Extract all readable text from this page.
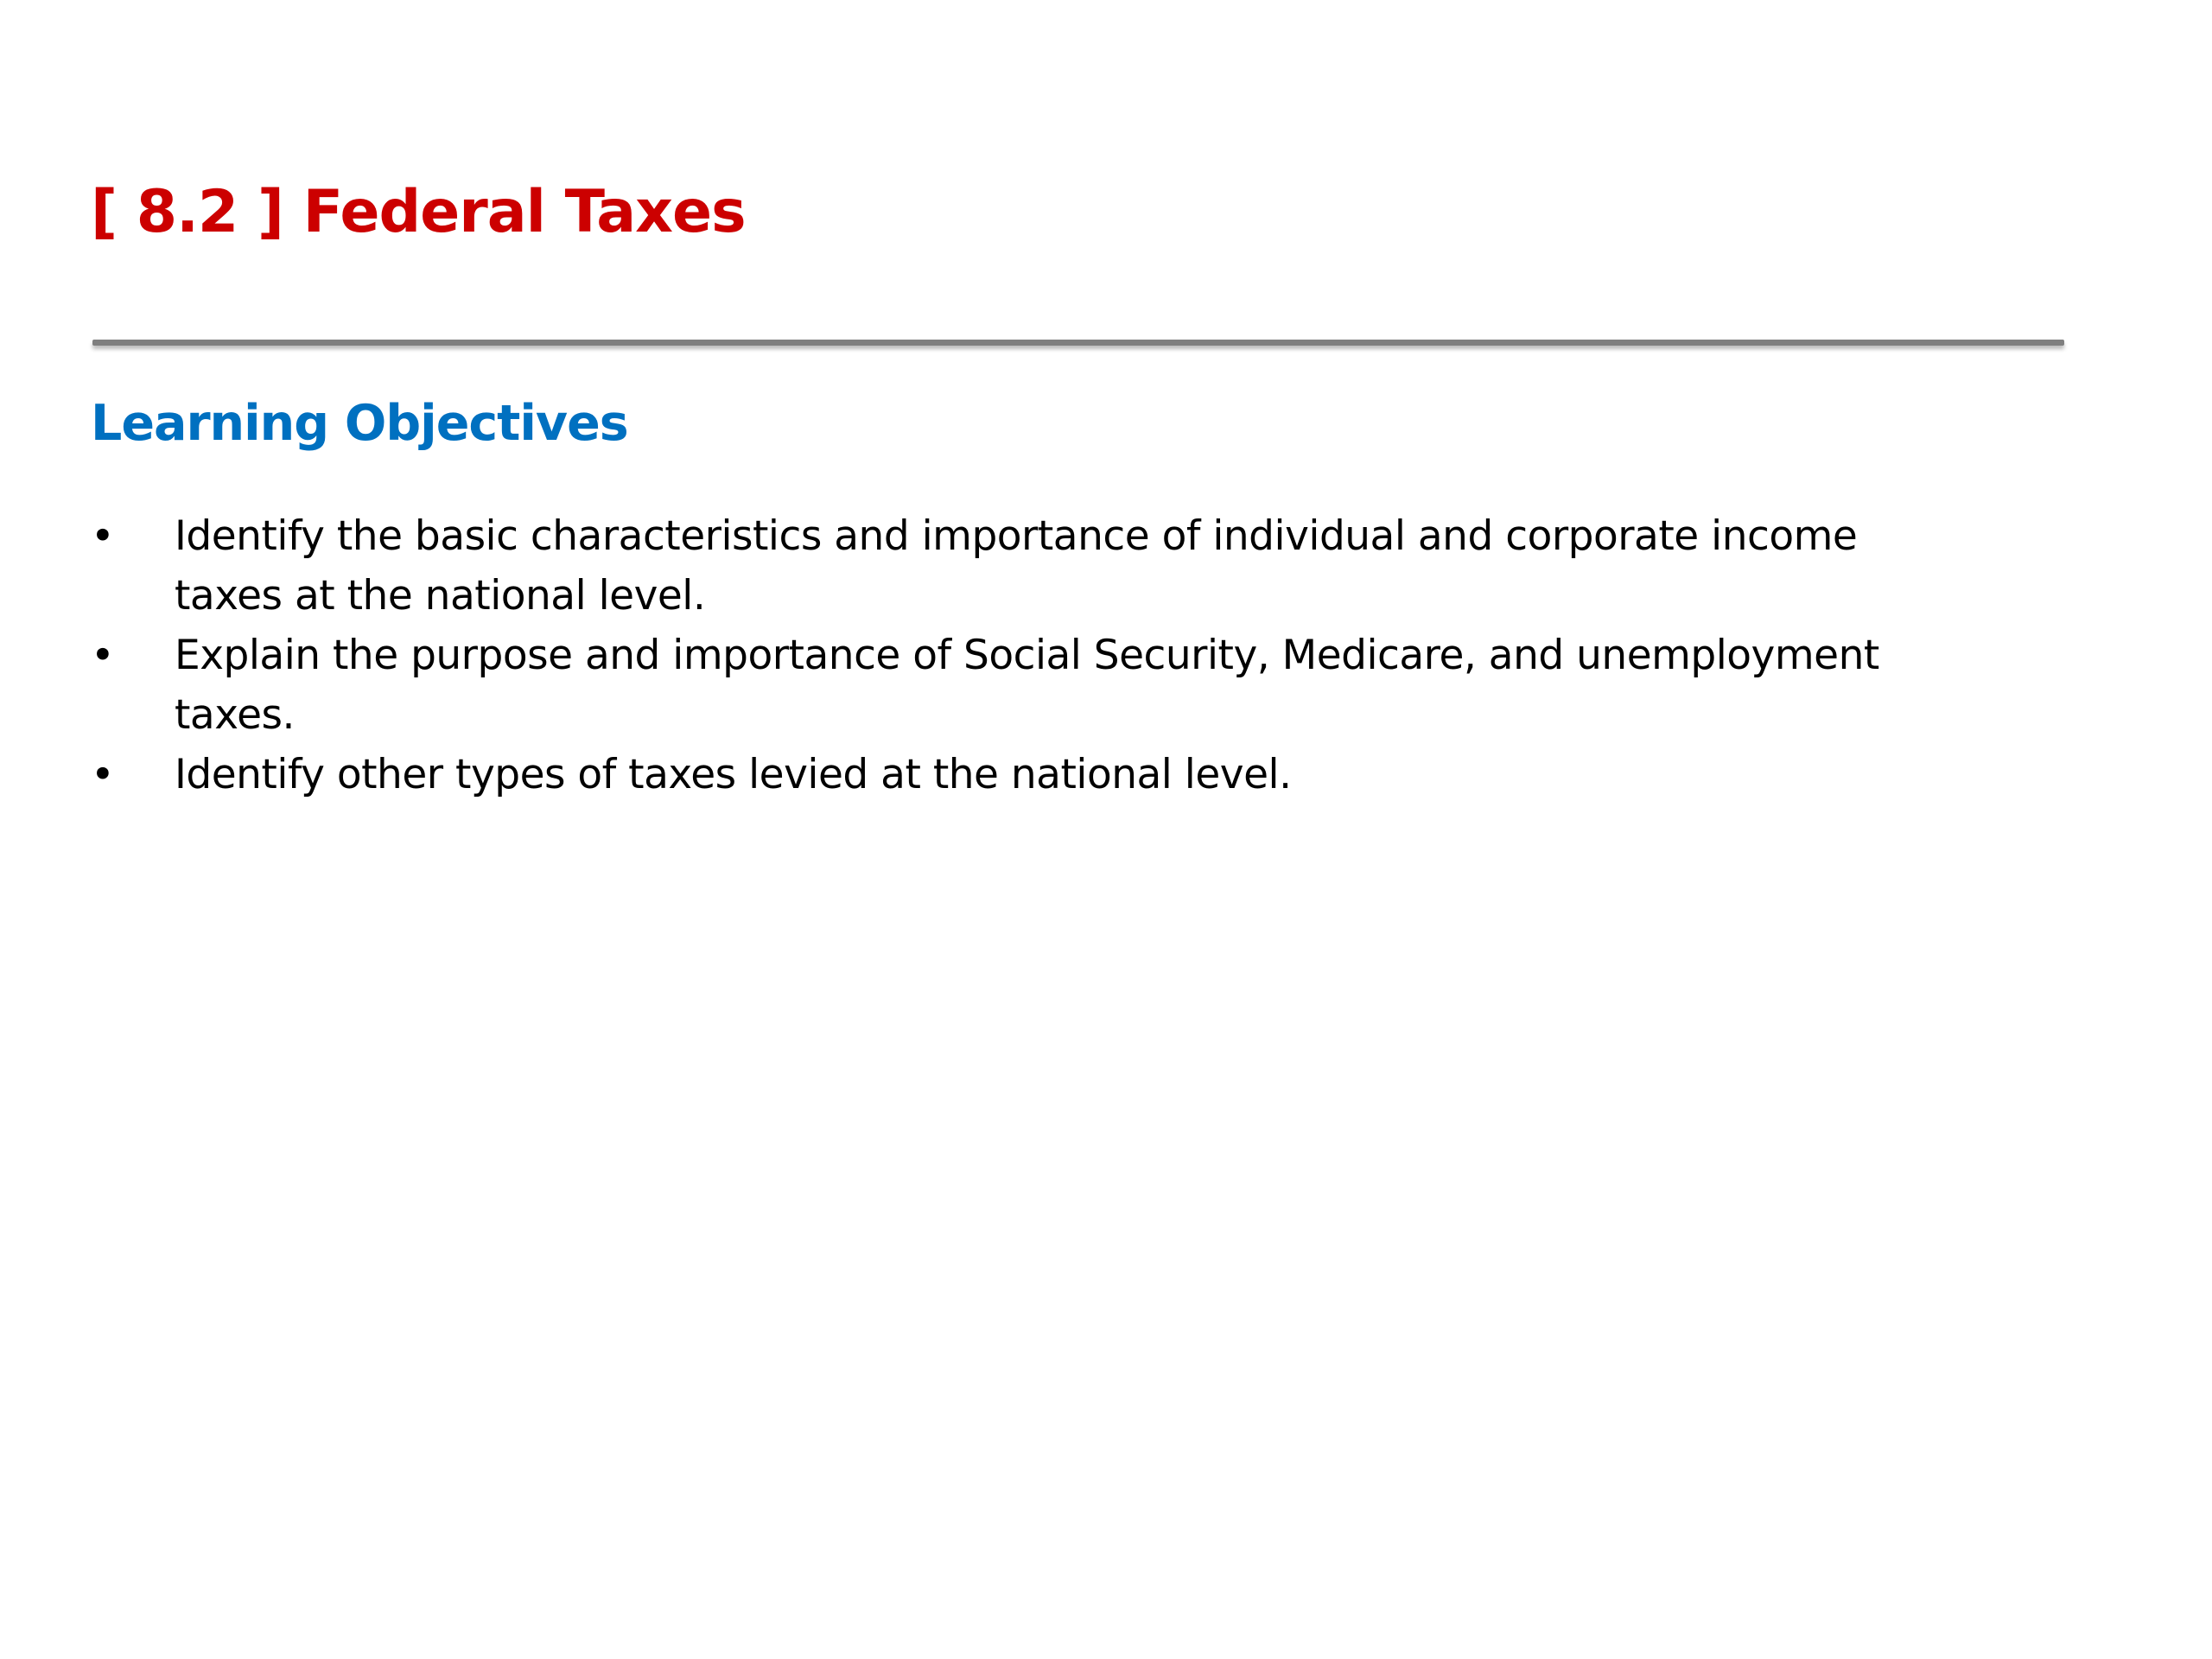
[ 8.2 ] Federal Taxes
Learning Objectives
•	Identify the basic characteristics and importance of individual and corporate income
taxes at the national level.
•	Explain the purpose and importance of Social Security, Medicare, and unemployment
taxes.
•	Identify other types of taxes levied at the national level.
